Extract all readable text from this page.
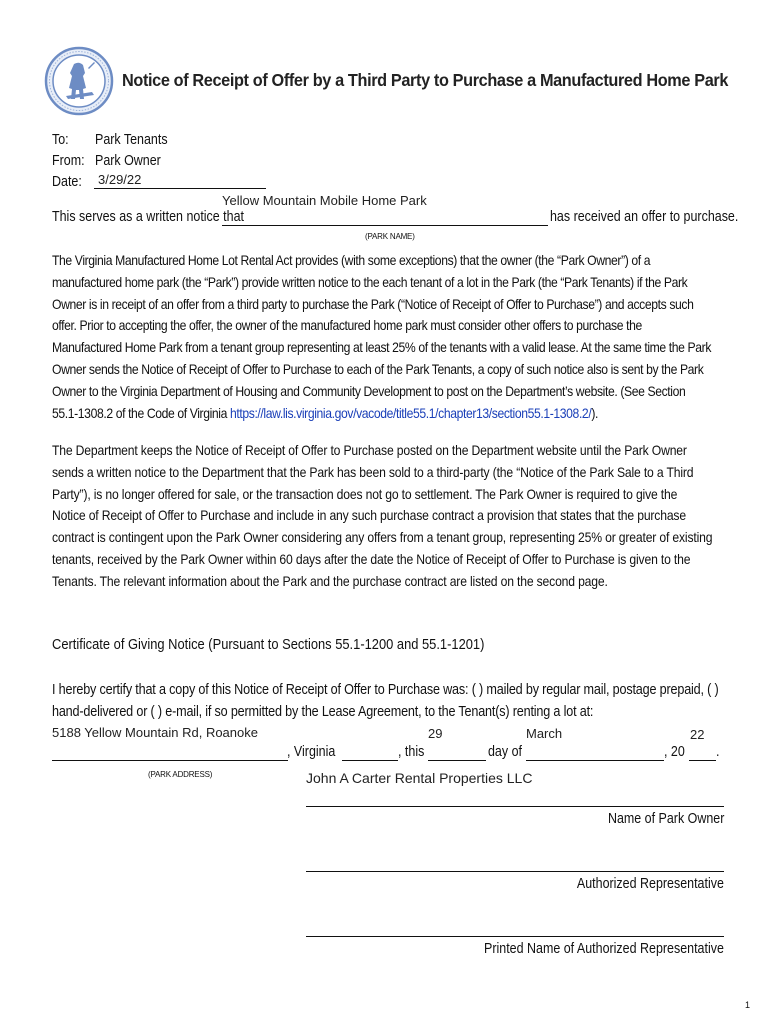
Notice of Receipt of Offer by a Third Party to Purchase a Manufactured Home Park
To: Park Tenants
From: Park Owner
Date: 3/29/22
Yellow Mountain Mobile Home Park
This serves as a written notice that	has received an offer to purchase.
(PARK NAME)

The Virginia Manufactured Home Lot Rental Act provides (with some exceptions) that the owner (the “Park Owner”) of a manufactured home park (the “Park”) provide written notice to the each tenant of a lot in the Park (the “Park Tenants) if the Park Owner is in receipt of an offer from a third party to purchase the Park (“Notice of Receipt of Offer to Purchase”) and accepts such offer. Prior to accepting the offer, the owner of the manufactured home park must consider other offers to purchase the Manufactured Home Park from a tenant group representing at least 25% of the tenants with a valid lease. At the same time the Park Owner sends the Notice of Receipt of Offer to Purchase to each of the Park Tenants, a copy of such notice also is sent by the Park Owner to the Virginia Department of Housing and Community Development to post on the Department’s website. (See Section 55.1-1308.2 of the Code of Virginia https://law.lis.virginia.gov/vacode/title55.1/chapter13/section55.1-1308.2/).

The Department keeps the Notice of Receipt of Offer to Purchase posted on the Department website until the Park Owner sends a written notice to the Department that the Park has been sold to a third-party (the “Notice of the Park Sale to a Third Party”), is no longer offered for sale, or the transaction does not go to settlement. The Park Owner is required to give the Notice of Receipt of Offer to Purchase and include in any such purchase contract a provision that states that the purchase contract is contingent upon the Park Owner considering any offers from a tenant group, representing 25% or greater of existing tenants, received by the Park Owner within 60 days after the date the Notice of Receipt of Offer to Purchase is given to the Tenants. The relevant information about the Park and the purchase contract are listed on the second page.

Certificate of Giving Notice (Pursuant to Sections 55.1-1200 and 55.1-1201)

I hereby certify that a copy of this Notice of Receipt of Offer to Purchase was: ( ) mailed by regular mail, postage prepaid, ( ) hand-delivered or ( ) e-mail, if so permitted by the Lease Agreement, to the Tenant(s) renting a lot at:

5188 Yellow Mountain Rd, Roanoke	29	March	22
, Virginia	, this	day of	, 20 .
(PARK ADDRESS)	John A Carter Rental Properties LLC
Name of Park Owner
Authorized Representative
Printed Name of Authorized Representative
1
